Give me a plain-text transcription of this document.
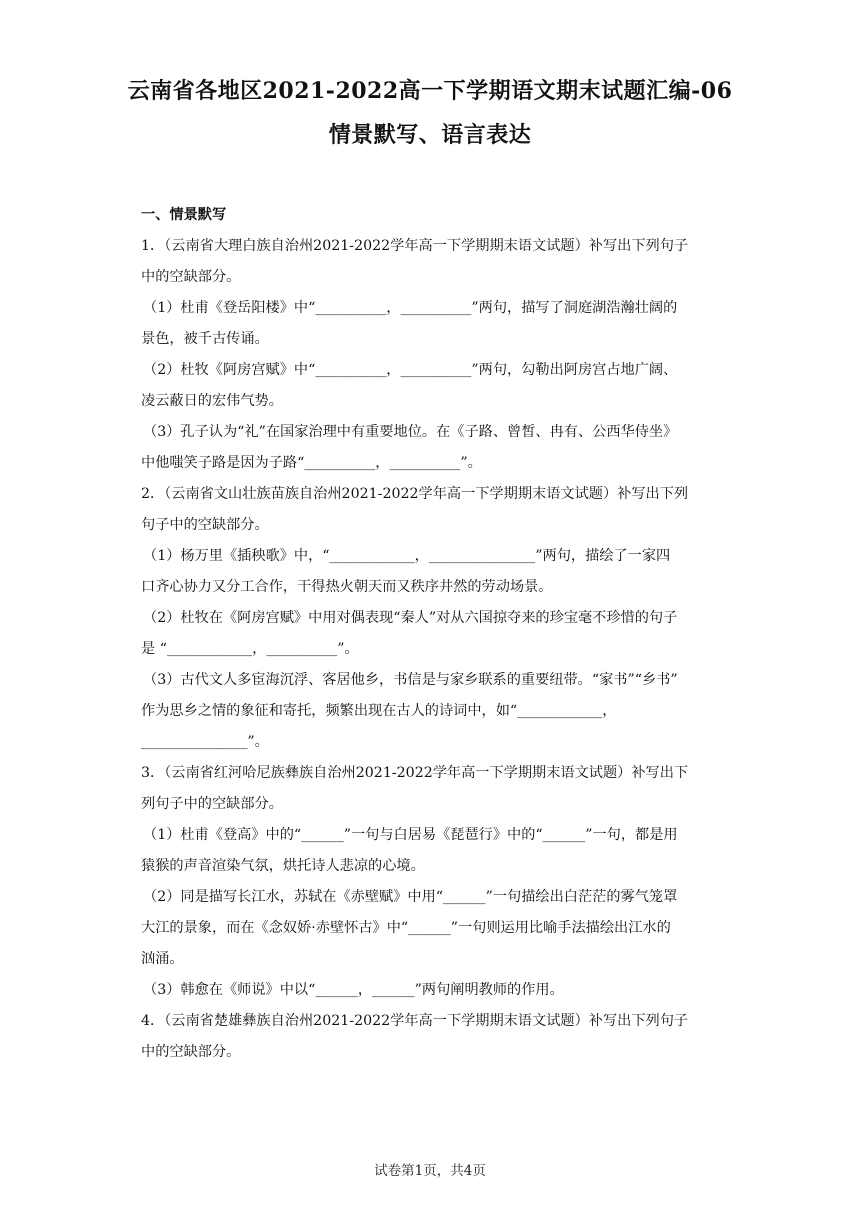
云南省各地区2021-2022高一下学期语文期末试题汇编-06
情景默写、语言表达
一、情景默写
1．（云南省大理白族自治州2021-2022学年高一下学期期末语文试题）补写出下列句子
中的空缺部分。
（1）杜甫《登岳阳楼》中“__________，__________”两句，描写了洞庭湖浩瀚壮阔的
景色，被千古传诵。
（2）杜牧《阿房宫赋》中“__________，__________”两句，勾勒出阿房宫占地广阔、
凌云蔽日的宏伟气势。
（3）孔子认为“礼”在国家治理中有重要地位。在《子路、曾皙、冉有、公西华侍坐》
中他嗤笑子路是因为子路“__________，__________”。
2．（云南省文山壮族苗族自治州2021-2022学年高一下学期期末语文试题）补写出下列
句子中的空缺部分。
（1）杨万里《插秧歌》中，“____________，_______________”两句，描绘了一家四
口齐心协力又分工合作，干得热火朝天而又秩序井然的劳动场景。
（2）杜牧在《阿房宫赋》中用对偶表现“秦人”对从六国掠夺来的珍宝毫不珍惜的句子
是 “____________，__________”。
（3）古代文人多宦海沉浮、客居他乡，书信是与家乡联系的重要纽带。“家书”“乡书”
作为思乡之情的象征和寄托，频繁出现在古人的诗词中，如“____________，
_______________”。
3．（云南省红河哈尼族彝族自治州2021-2022学年高一下学期期末语文试题）补写出下
列句子中的空缺部分。
（1）杜甫《登高》中的“______”一句与白居易《琵琶行》中的“______”一句，都是用
猿猴的声音渲染气氛，烘托诗人悲凉的心境。
（2）同是描写长江水，苏轼在《赤壁赋》中用“______”一句描绘出白茫茫的雾气笼罩
大江的景象，而在《念奴娇·赤壁怀古》中“______”一句则运用比喻手法描绘出江水的
汹涌。
（3）韩愈在《师说》中以“______，______”两句阐明教师的作用。
4．（云南省楚雄彝族自治州2021-2022学年高一下学期期末语文试题）补写出下列句子
中的空缺部分。
试卷第1页，共4页
